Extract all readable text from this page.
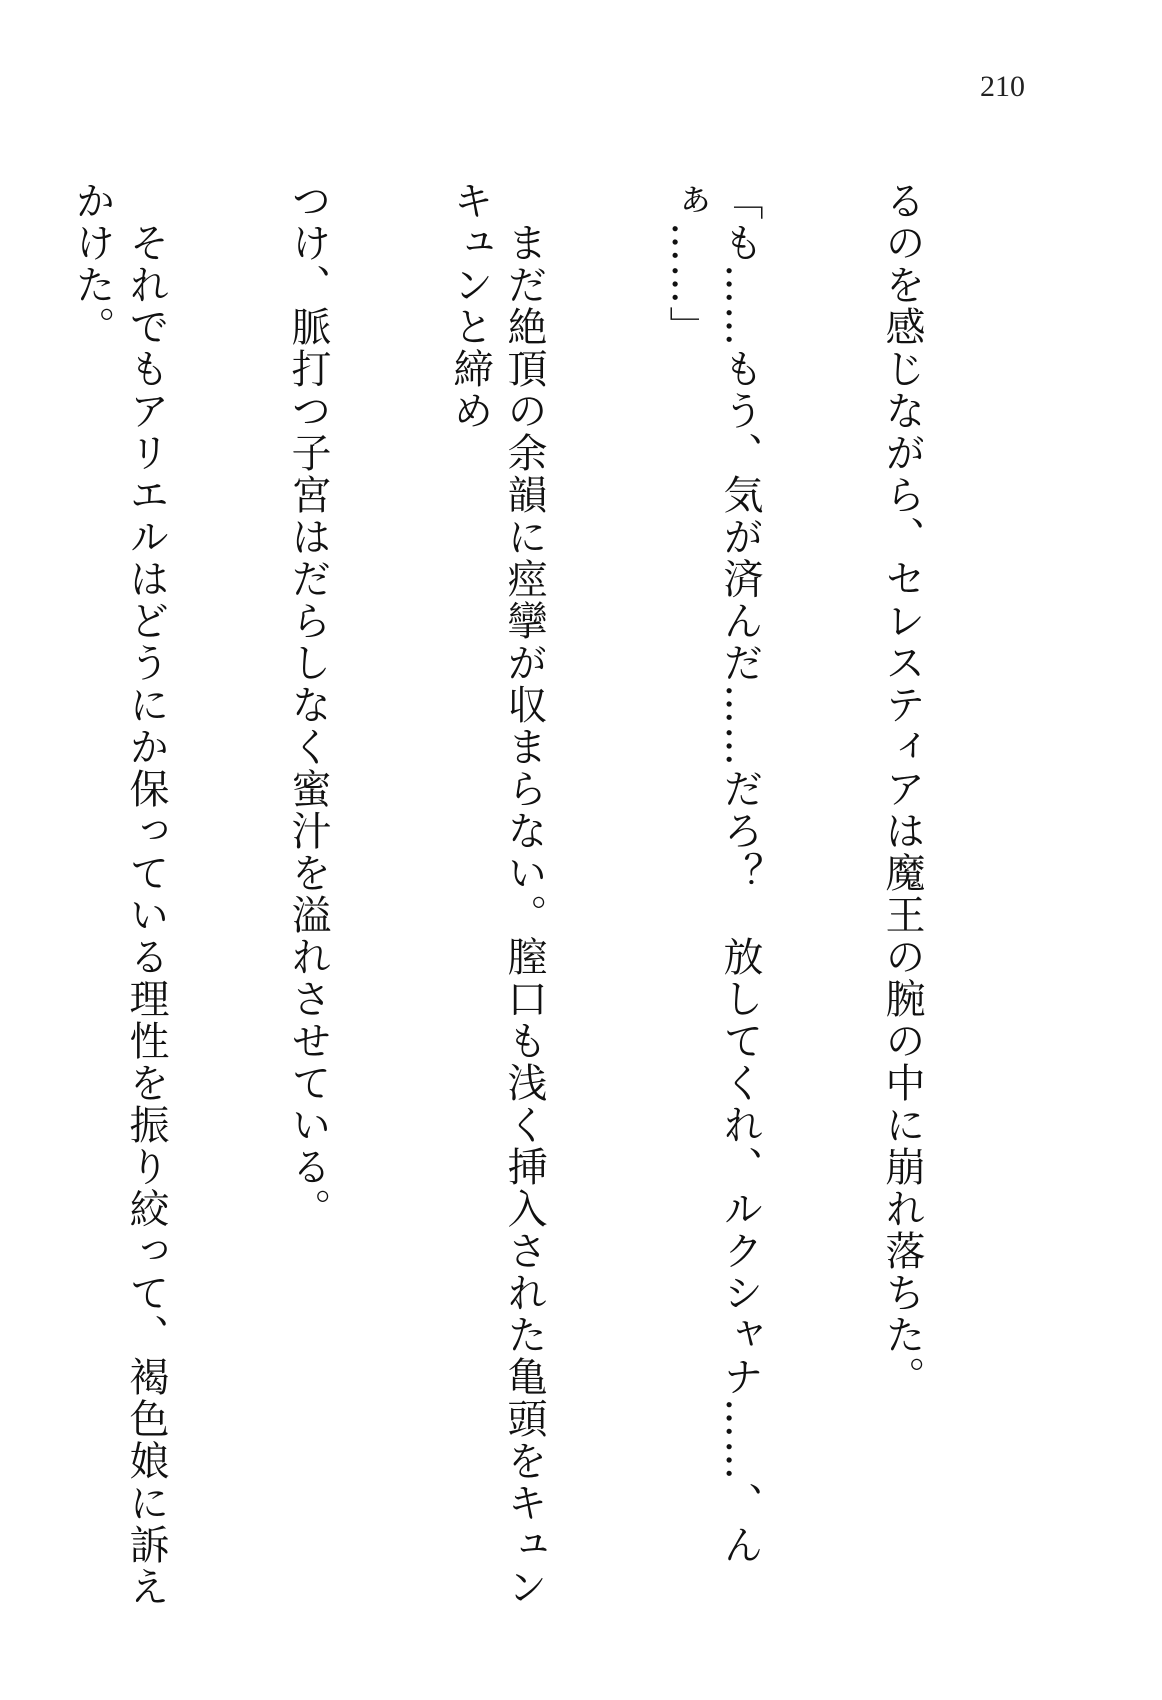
210

るのを感じながら、セレスティアは魔王の腕の中に崩れ落ちた。

「も……もう、気が済んだ……だろ？　放してくれ、ルクシャナ……、んぁ……」

　まだ絶頂の余韻に痙攣が収まらない。膣口も浅く挿入された亀頭をキュンキュンと締め

つけ、脈打つ子宮はだらしなく蜜汁を溢れさせている。

　それでもアリエルはどうにか保っている理性を振り絞って、褐色娘に訴えかけた。
